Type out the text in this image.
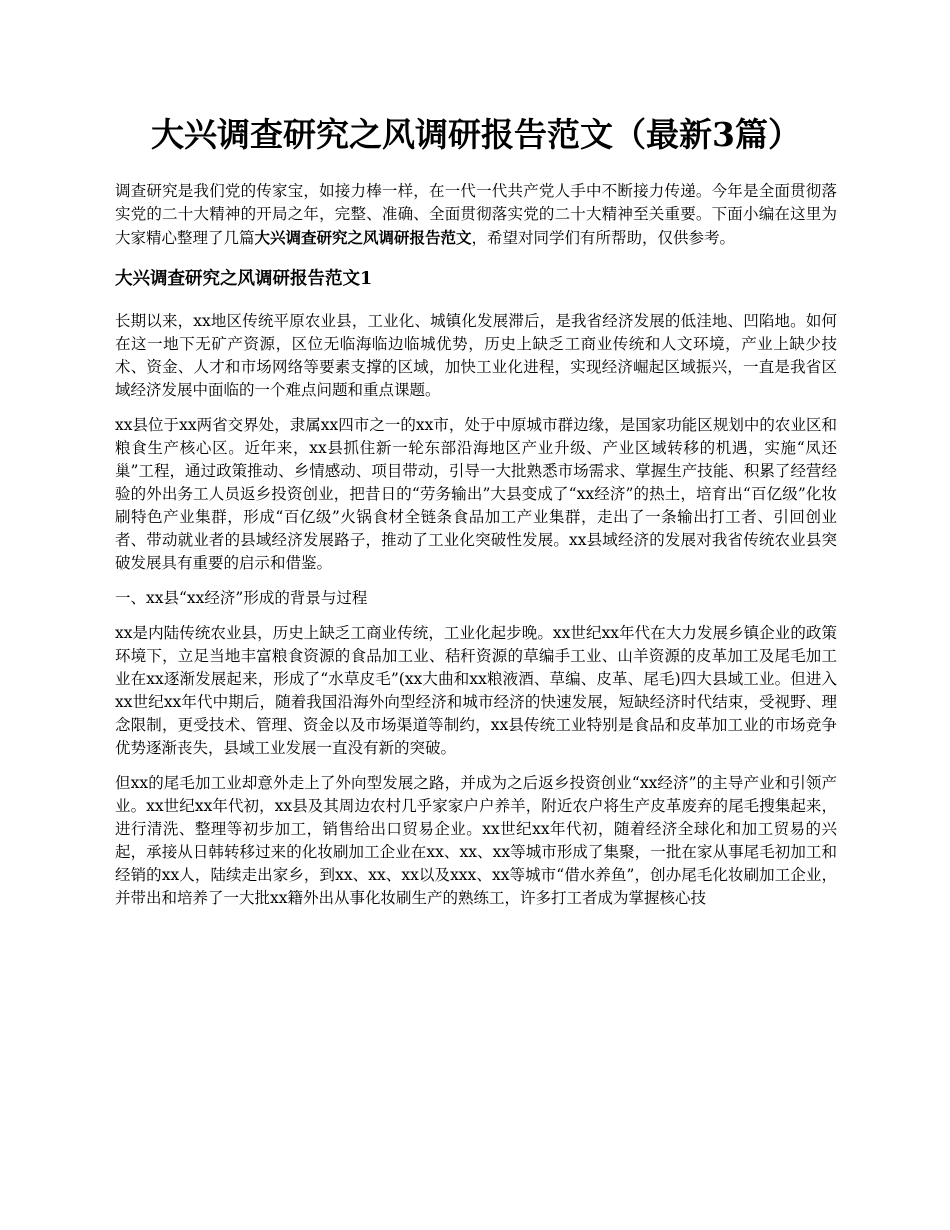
大兴调查研究之风调研报告范文（最新3篇）

调查研究是我们党的传家宝，如接力棒一样，在一代一代共产党人手中不断接力传递。今年是全面贯彻落实党的二十大精神的开局之年，完整、准确、全面贯彻落实党的二十大精神至关重要。下面小编在这里为大家精心整理了几篇大兴调查研究之风调研报告范文，希望对同学们有所帮助，仅供参考。

大兴调查研究之风调研报告范文1

长期以来，xx地区传统平原农业县，工业化、城镇化发展滞后，是我省经济发展的低洼地、凹陷地。如何在这一地下无矿产资源，区位无临海临边临城优势，历史上缺乏工商业传统和人文环境，产业上缺少技术、资金、人才和市场网络等要素支撑的区域，加快工业化进程，实现经济崛起区域振兴，一直是我省区域经济发展中面临的一个难点问题和重点课题。

xx县位于xx两省交界处，隶属xx四市之一的xx市，处于中原城市群边缘，是国家功能区规划中的农业区和粮食生产核心区。近年来，xx县抓住新一轮东部沿海地区产业升级、产业区域转移的机遇，实施“凤还巢”工程，通过政策推动、乡情感动、项目带动，引导一大批熟悉市场需求、掌握生产技能、积累了经营经验的外出务工人员返乡投资创业，把昔日的“劳务输出”大县变成了“xx经济”的热土，培育出“百亿级”化妆刷特色产业集群，形成“百亿级”火锅食材全链条食品加工产业集群，走出了一条输出打工者、引回创业者、带动就业者的县域经济发展路子，推动了工业化突破性发展。xx县域经济的发展对我省传统农业县突破发展具有重要的启示和借鉴。

一、xx县“xx经济”形成的背景与过程

xx是内陆传统农业县，历史上缺乏工商业传统，工业化起步晚。xx世纪xx年代在大力发展乡镇企业的政策环境下，立足当地丰富粮食资源的食品加工业、秸秆资源的草编手工业、山羊资源的皮革加工及尾毛加工业在xx逐渐发展起来，形成了“水草皮毛”(xx大曲和xx粮液酒、草编、皮革、尾毛)四大县域工业。但进入xx世纪xx年代中期后，随着我国沿海外向型经济和城市经济的快速发展，短缺经济时代结束，受视野、理念限制，更受技术、管理、资金以及市场渠道等制约，xx县传统工业特别是食品和皮革加工业的市场竞争优势逐渐丧失，县域工业发展一直没有新的突破。

但xx的尾毛加工业却意外走上了外向型发展之路，并成为之后返乡投资创业“xx经济”的主导产业和引领产业。xx世纪xx年代初，xx县及其周边农村几乎家家户户养羊，附近农户将生产皮革废弃的尾毛搜集起来，进行清洗、整理等初步加工，销售给出口贸易企业。xx世纪xx年代初，随着经济全球化和加工贸易的兴起，承接从日韩转移过来的化妆刷加工企业在xx、xx、xx等城市形成了集聚，一批在家从事尾毛初加工和经销的xx人，陆续走出家乡，到xx、xx、xx以及xxx、xx等城市“借水养鱼”，创办尾毛化妆刷加工企业，并带出和培养了一大批xx籍外出从事化妆刷生产的熟练工，许多打工者成为掌握核心技
